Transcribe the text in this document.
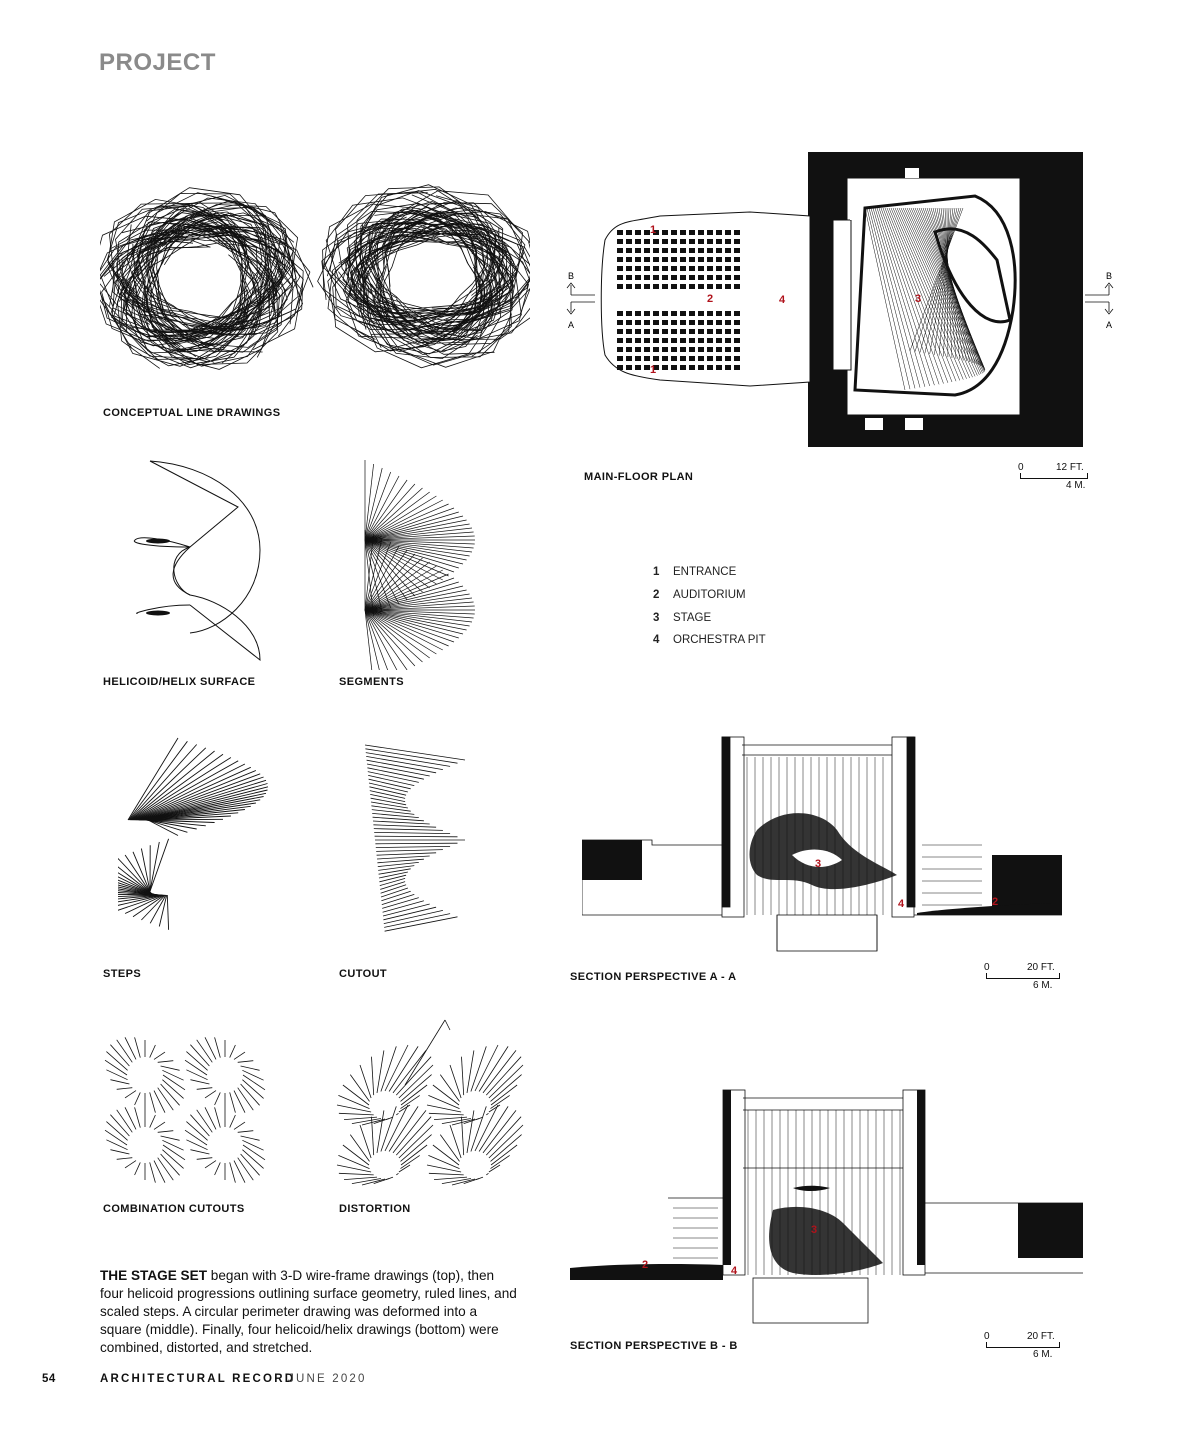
PROJECT
CONCEPTUAL LINE DRAWINGS
HELICOID/HELIX SURFACE	SEGMENTS
STEPS	CUTOUT
COMBINATION CUTOUTS	DISTORTION
THE STAGE SET began with 3-D wire-frame drawings (top), then four helicoid progressions outlining surface geometry, ruled lines, and scaled steps. A circular perimeter drawing was deformed into a square (middle). Finally, four helicoid/helix drawings (bottom) were combined, distorted, and stretched.
B
A
B
A
1
1
2	3
4
MAIN-FLOOR PLAN
0	12 FT.
4 M.
1 ENTRANCE
2 AUDITORIUM
3 STAGE
4 ORCHESTRA PIT
3
2
4
SECTION PERSPECTIVE A - A
0	20 FT.
6 M.
3
2	4
SECTION PERSPECTIVE B - B
0	20 FT.
6 M.
54	ARCHITECTURAL RECORD
JUNE 2020
